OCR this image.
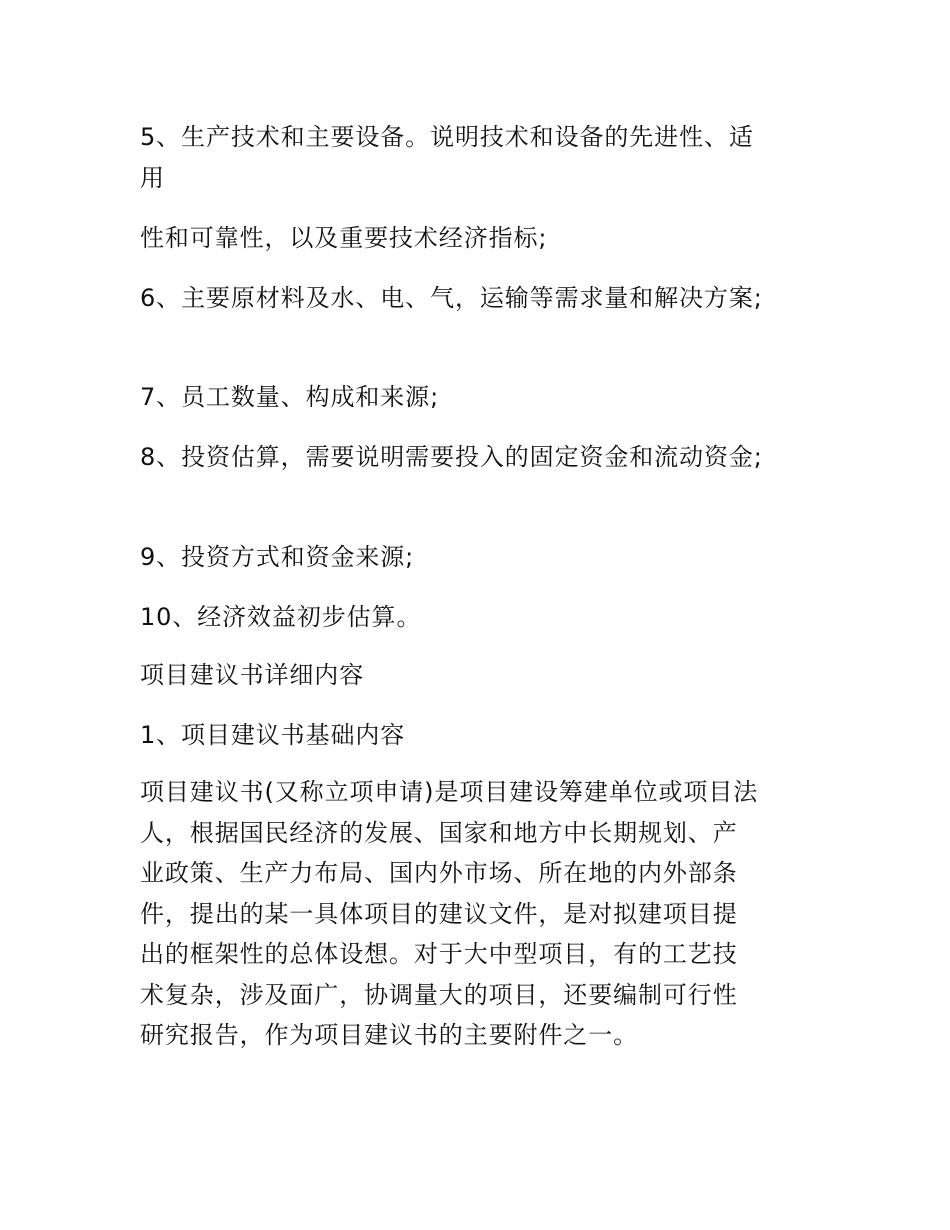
5、生产技术和主要设备。说明技术和设备的先进性、适

用

性和可靠性，以及重要技术经济指标;

6、主要原材料及水、电、气，运输等需求量和解决方案;

7、员工数量、构成和来源;

8、投资估算，需要说明需要投入的固定资金和流动资金;

9、投资方式和资金来源;

10、经济效益初步估算。

项目建议书详细内容

1、项目建议书基础内容

项目建议书(又称立项申请)是项目建设筹建单位或项目法
人，根据国民经济的发展、国家和地方中长期规划、产
业政策、生产力布局、国内外市场、所在地的内外部条
件，提出的某一具体项目的建议文件，是对拟建项目提
出的框架性的总体设想。对于大中型项目，有的工艺技
术复杂，涉及面广，协调量大的项目，还要编制可行性
研究报告，作为项目建议书的主要附件之一。
